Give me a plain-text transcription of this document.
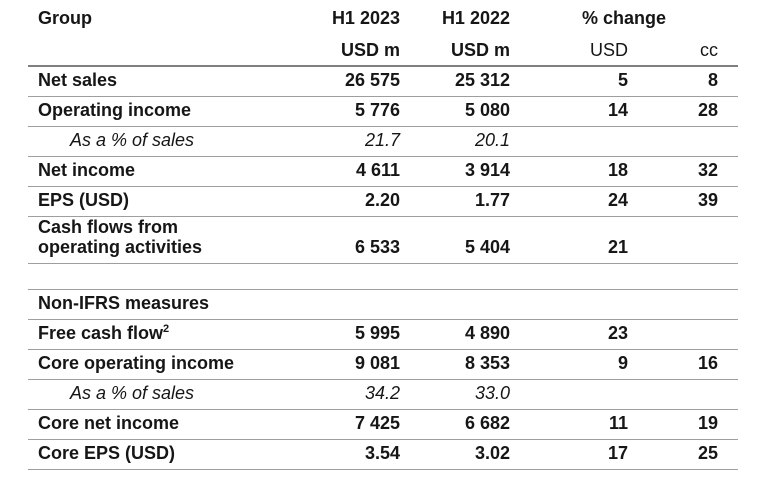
Group	H1 2023	H1 2022	% change	
	USD m	USD m	USD	cc
Net sales	26 575	25 312	5	8
Operating income	5 776	5 080	14	28
As a % of sales	21.7	20.1		
Net income	4 611	3 914	18	32
EPS (USD)	2.20	1.77	24	39

Cash flows from
operating activities	6 533	5 404	21	

Non-IFRS measures				
Free cash flow$^2$	5 995	4 890	23	
Core operating income	9 081	8 353	9	16
As a % of sales	34.2	33.0		
Core net income	7 425	6 682	11	19
Core EPS (USD)	3.54	3.02	17	25
